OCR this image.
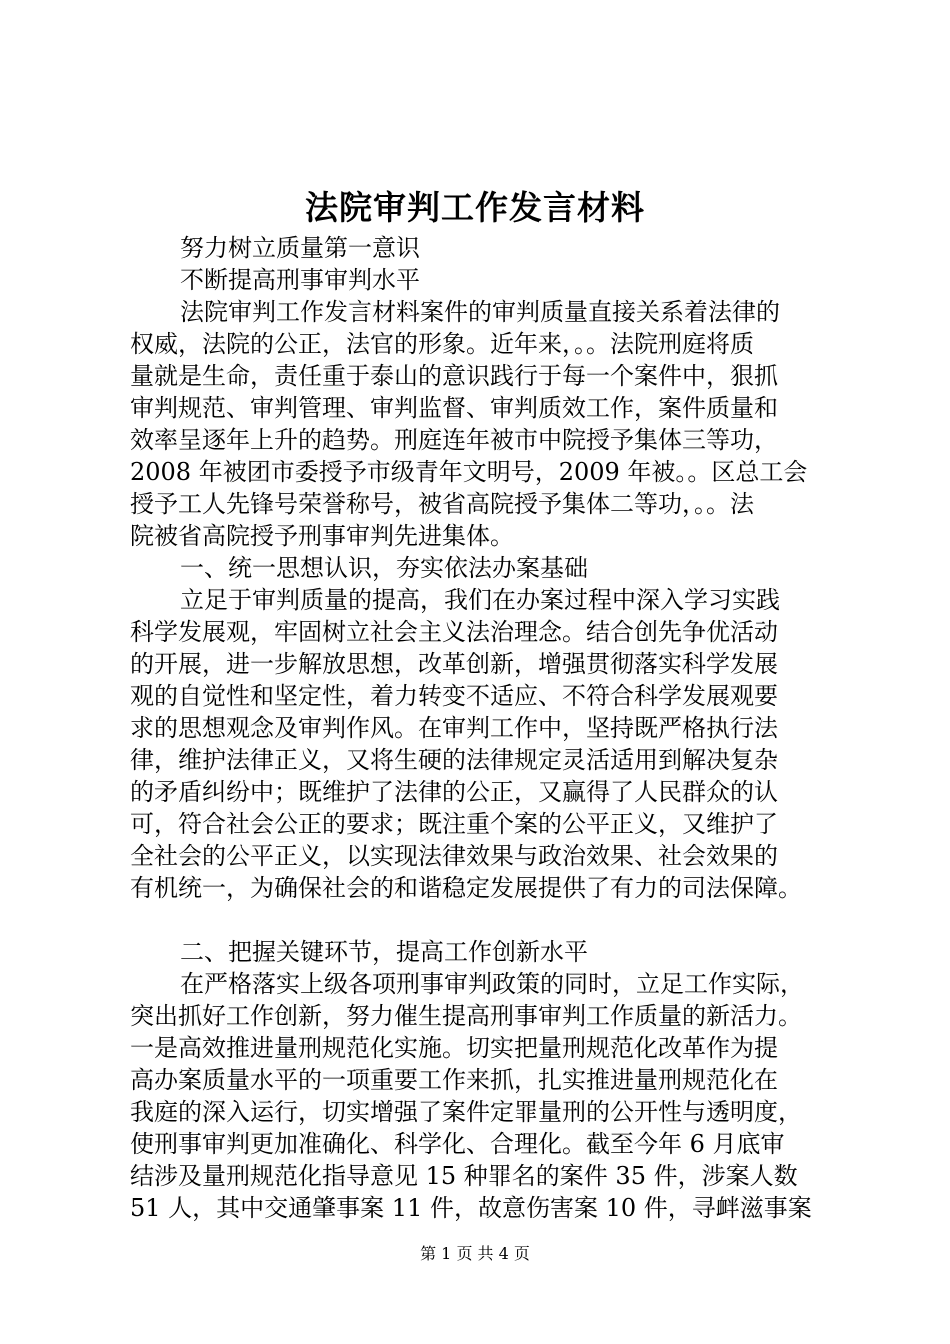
法院审判工作发言材料
努力树立质量第一意识
不断提高刑事审判水平
法院审判工作发言材料案件的审判质量直接关系着法律的
权威，法院的公正，法官的形象。近年来，。。法院刑庭将质
量就是生命，责任重于泰山的意识践行于每一个案件中，狠抓
审判规范、审判管理、审判监督、审判质效工作，案件质量和
效率呈逐年上升的趋势。刑庭连年被市中院授予集体三等功，
2008 年被团市委授予市级青年文明号，2009 年被。。区总工会
授予工人先锋号荣誉称号，被省高院授予集体二等功，。。法
院被省高院授予刑事审判先进集体。
一、统一思想认识，夯实依法办案基础
立足于审判质量的提高，我们在办案过程中深入学习实践
科学发展观，牢固树立社会主义法治理念。结合创先争优活动
的开展，进一步解放思想，改革创新，增强贯彻落实科学发展
观的自觉性和坚定性，着力转变不适应、不符合科学发展观要
求的思想观念及审判作风。在审判工作中，坚持既严格执行法
律，维护法律正义，又将生硬的法律规定灵活适用到解决复杂
的矛盾纠纷中；既维护了法律的公正，又赢得了人民群众的认
可，符合社会公正的要求；既注重个案的公平正义，又维护了
全社会的公平正义，以实现法律效果与政治效果、社会效果的
有机统一，为确保社会的和谐稳定发展提供了有力的司法保障。
二、把握关键环节，提高工作创新水平
在严格落实上级各项刑事审判政策的同时，立足工作实际，
突出抓好工作创新，努力催生提高刑事审判工作质量的新活力。
一是高效推进量刑规范化实施。切实把量刑规范化改革作为提
高办案质量水平的一项重要工作来抓，扎实推进量刑规范化在
我庭的深入运行，切实增强了案件定罪量刑的公开性与透明度，
使刑事审判更加准确化、科学化、合理化。截至今年 6 月底审
结涉及量刑规范化指导意见 15 种罪名的案件 35 件，涉案人数
51 人，其中交通肇事案 11 件，故意伤害案 10 件，寻衅滋事案
第 1 页 共 4 页
